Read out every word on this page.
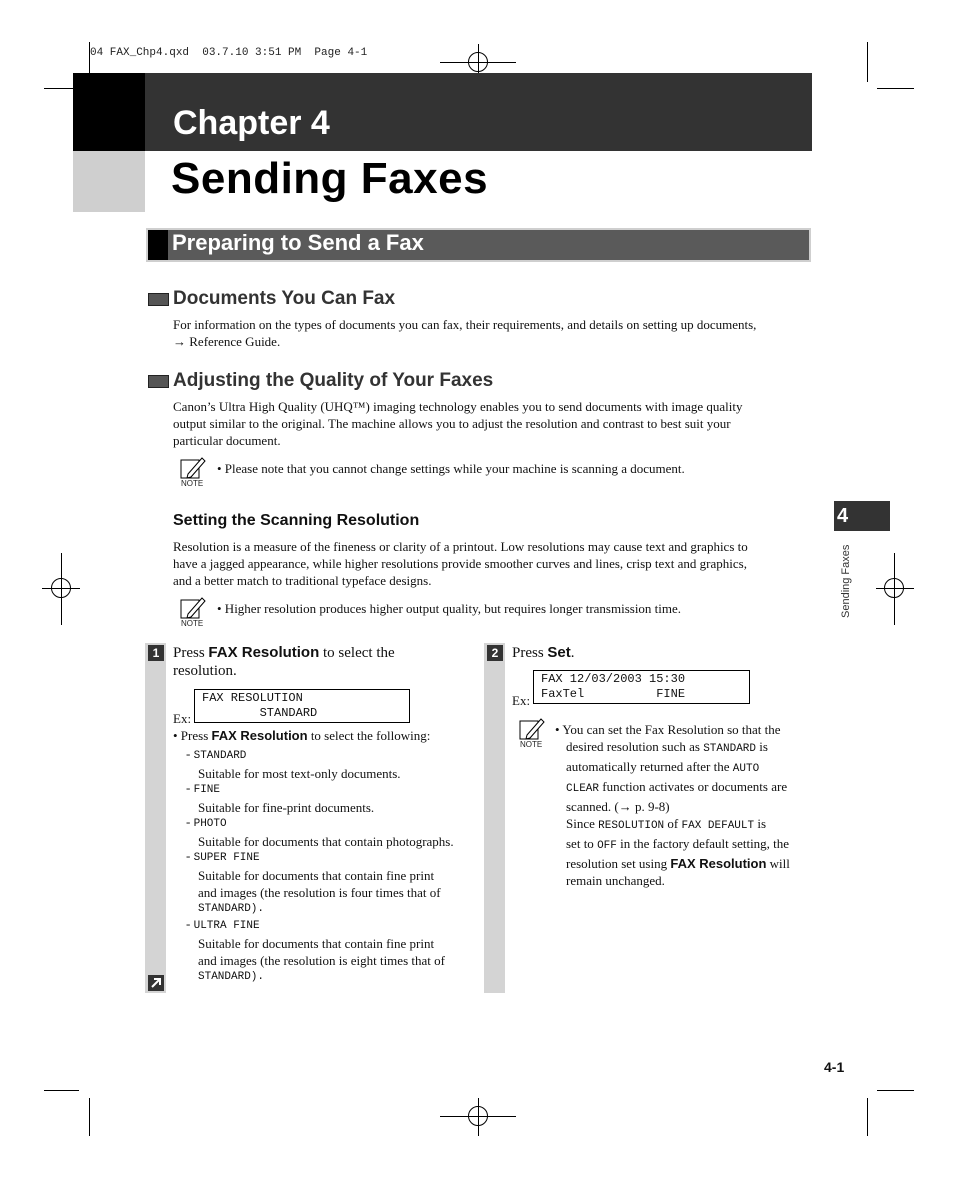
04 FAX_Chp4.qxd  03.7.10 3:51 PM  Page 4-1
Chapter 4
Sending Faxes
Preparing to Send a Fax
Documents You Can Fax
For information on the types of documents you can fax, their requirements, and details on setting up documents,
→ Reference Guide.
Adjusting the Quality of Your Faxes
Canon’s Ultra High Quality (UHQ™) imaging technology enables you to send documents with image quality
output similar to the original. The machine allows you to adjust the resolution and contrast to best suit your
particular document.
NOTE
• Please note that you cannot change settings while your machine is scanning a document.
Setting the Scanning Resolution
Resolution is a measure of the fineness or clarity of a printout. Low resolutions may cause text and graphics to
have a jagged appearance, while higher resolutions provide smoother curves and lines, crisp text and graphics,
and a better match to traditional typeface designs.
NOTE
• Higher resolution produces higher output quality, but requires longer transmission time.
1 Press FAX Resolution to select the
resolution.
Ex:
FAX RESOLUTION
STANDARD
• Press FAX Resolution to select the following:
- STANDARD
Suitable for most text-only documents.
- FINE
Suitable for fine-print documents.
- PHOTO
Suitable for documents that contain photographs.
- SUPER FINE
Suitable for documents that contain fine print
and images (the resolution is four times that of
STANDARD).
- ULTRA FINE
Suitable for documents that contain fine print
and images (the resolution is eight times that of
STANDARD).
2 Press Set.
Ex:
FAX 12/03/2003 15:30
FaxTel          FINE
NOTE
• You can set the Fax Resolution so that the
desired resolution such as STANDARD is
automatically returned after the AUTO
CLEAR function activates or documents are
scanned. (→ p. 9-8)
Since RESOLUTION of FAX DEFAULT is
set to OFF in the factory default setting, the
resolution set using FAX Resolution will
remain unchanged.
4
Sending Faxes
4-1
